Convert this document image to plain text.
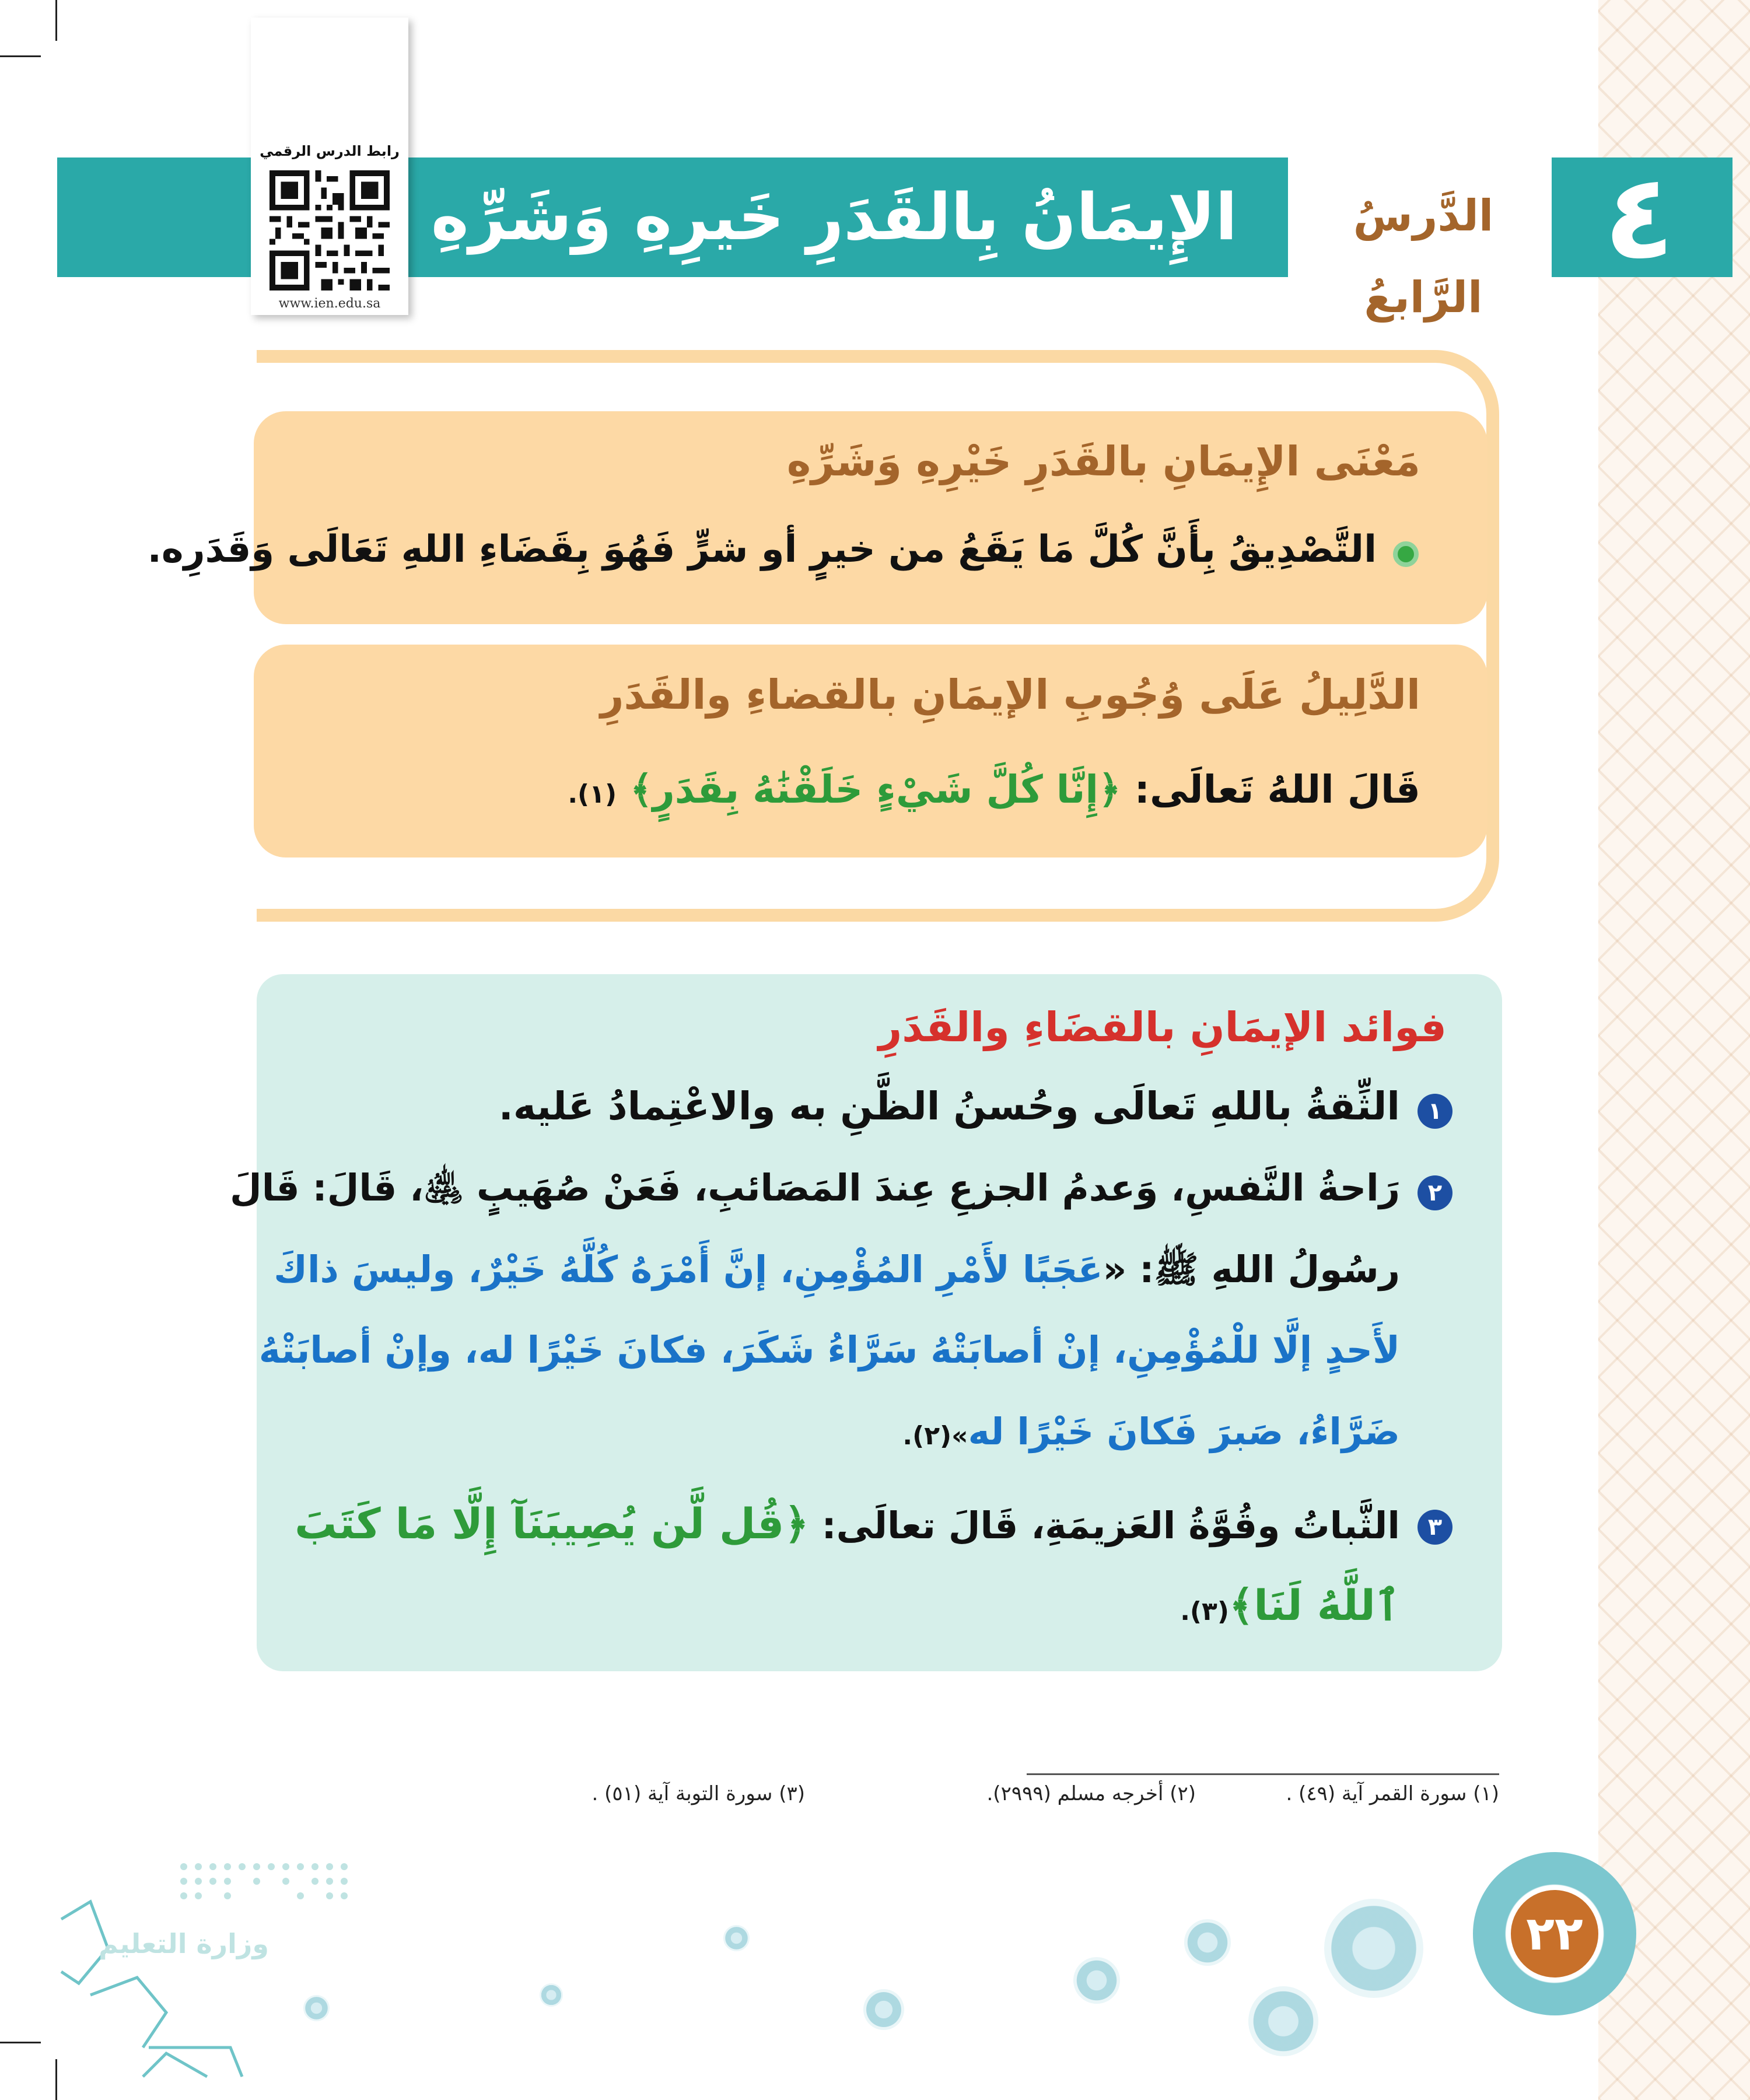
٤
الدَّرسُ الرَّابعُ
الإِيمَانُ بِالقَدَرِ خَيرِهِ وَشَرِّهِ
رابط الدرس الرقمي
www.ien.edu.sa
مَعْنَى الإِيمَانِ بالقَدَرِ خَيْرِهِ وَشَرِّهِ
التَّصْدِيقُ بِأَنَّ كُلَّ مَا يَقَعُ من خيرٍ أو شرٍّ فَهُوَ بِقَضَاءِ اللهِ تَعَالَى وَقَدَرِه.
الدَّلِيلُ عَلَى وُجُوبِ الإيمَانِ بالقضاءِ والقَدَرِ
قَالَ اللهُ تَعالَى: ﴿إِنَّا كُلَّ شَيْءٍ خَلَقْنَٰهُ بِقَدَرٍ﴾ (١).
فوائد الإيمَانِ بالقضَاءِ والقَدَرِ
١
الثِّقةُ باللهِ تَعالَى وحُسنُ الظَّنِ به والاعْتِمادُ عَليه.
٢
رَاحةُ النَّفسِ، وَعدمُ الجزعِ عِندَ المَصَائبِ، فَعَنْ صُهَيبٍ ﵁، قَالَ: قَالَ
رسُولُ اللهِ ﷺ: «عَجَبًا لأَمْرِ المُؤْمِنِ، إنَّ أَمْرَهُ كُلَّهُ خَيْرٌ، وليسَ ذاكَ
لأَحدٍ إلَّا للْمُؤْمِنِ، إنْ أصابَتْهُ سَرَّاءُ شَكَرَ، فكانَ خَيْرًا له، وإنْ أصابَتْهُ
ضَرَّاءُ، صَبرَ فَكانَ خَيْرًا له»(٢).
٣
الثَّباتُ وقُوَّةُ العَزيمَةِ، قَالَ تعالَى: ﴿قُل لَّن يُصِيبَنَآ إِلَّا مَا كَتَبَ
ٱللَّهُ لَنَا﴾(٣).
(١) سورة القمر آية (٤٩) .
(٢) أخرجه مسلم (٢٩٩٩).
(٣) سورة التوبة آية (٥١) .
٢٢
وزارة التعليم
